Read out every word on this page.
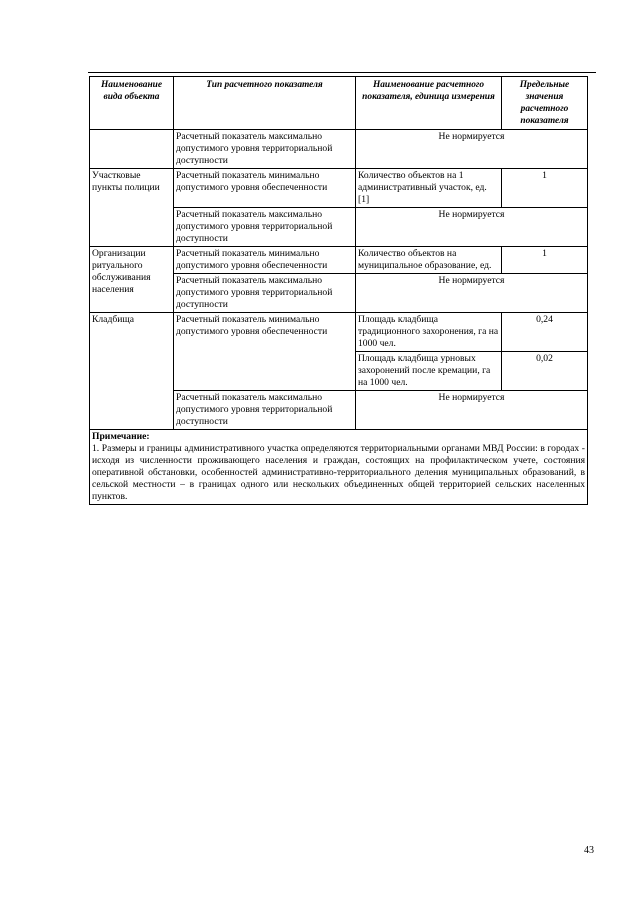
Наименование вида объекта	Тип расчетного показателя	Наименование расчетного показателя, единица измерения	Предельные значения расчетного показателя
	Расчетный показатель максимально допустимого уровня территориальной доступности	Не нормируется	
Участковые пункты полиции	Расчетный показатель минимально допустимого уровня обеспеченности	Количество объектов на 1 административный участок, ед. [1]	1
	Расчетный показатель максимально допустимого уровня территориальной доступности	Не нормируется	
Организации ритуального обслуживания населения	Расчетный показатель минимально допустимого уровня обеспеченности	Количество объектов на муниципальное образование, ед.	1
	Расчетный показатель максимально допустимого уровня территориальной доступности	Не нормируется	
Кладбища	Расчетный показатель минимально допустимого уровня обеспеченности	Площадь кладбища традиционного захоронения, га на 1000 чел.	0,24
		Площадь кладбища урновых захоронений после кремации, га на 1000 чел.	0,02
	Расчетный показатель максимально допустимого уровня территориальной доступности	Не нормируется	

Примечание:
1. Размеры и границы административного участка определяются территориальными органами МВД России: в городах - исходя из численности проживающего населения и граждан, состоящих на профилактическом учете, состояния оперативной обстановки, особенностей административно-территориального деления муниципальных образований, в сельской местности – в границах одного или нескольких объединенных общей территорией сельских населенных пунктов.			
43
